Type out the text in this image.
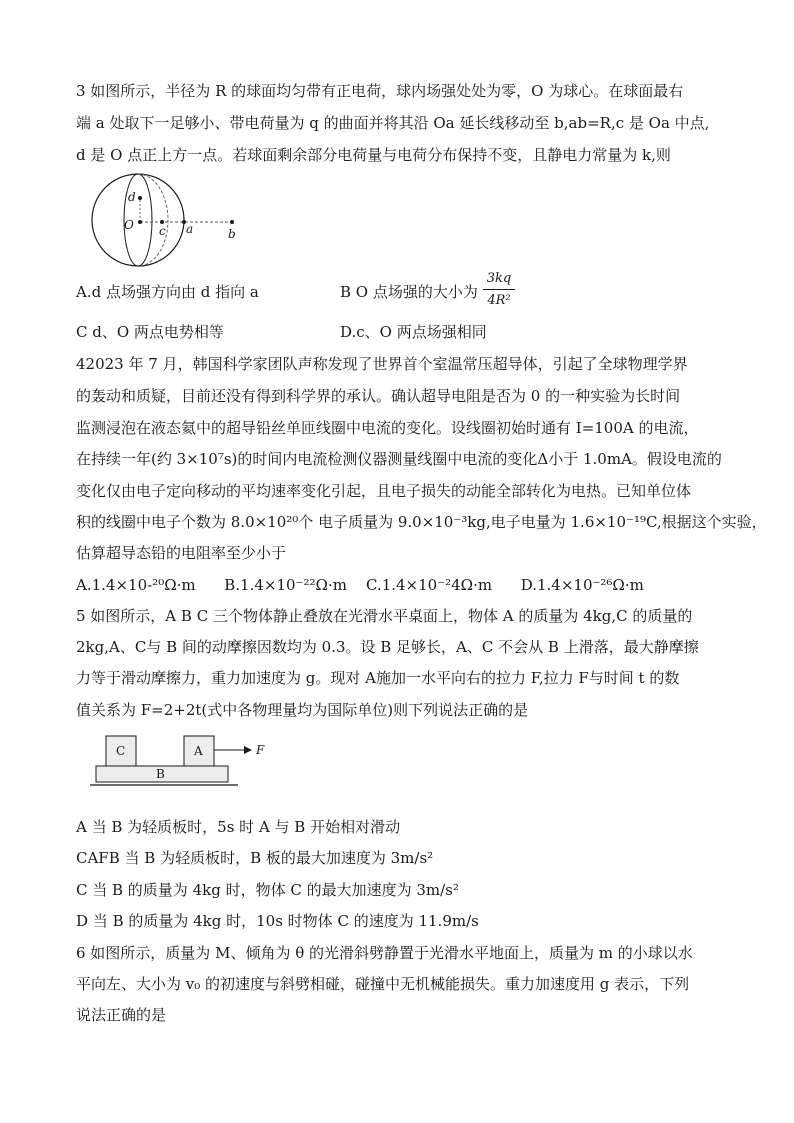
3 如图所示，半径为 R 的球面均匀带有正电荷，球内场强处处为零，O 为球心。在球面最右
端 a 处取下一足够小、带电荷量为 q 的曲面并将其沿 Oa 延长线移动至 b,ab=R,c 是 Oa 中点,
d 是 O 点正上方一点。若球面剩余部分电荷量与电荷分布保持不变，且静电力常量为 k,则
d
O c a	b
A.d 点场强方向由 d 指向 a	B O 点场强的大小为
3kq
4R²
C d、O 两点电势相等	D.c、O 两点场强相同
42023 年 7 月，韩国科学家团队声称发现了世界首个室温常压超导体，引起了全球物理学界
的轰动和质疑，目前还没有得到科学界的承认。确认超导电阻是否为 0 的一种实验为长时间
监测浸泡在液态氦中的超导铅丝单匝线圈中电流的变化。设线圈初始时通有 I=100A 的电流，
在持续一年(约 3×10⁷s)的时间内电流检测仪器测量线圈中电流的变化Δ小于 1.0mA。假设电流的
变化仅由电子定向移动的平均速率变化引起，且电子损失的动能全部转化为电热。已知单位体
积的线圈中电子个数为 8.0×10²⁰个 电子质量为 9.0×10⁻³kg,电子电量为 1.6×10⁻¹⁹C,根据这个实验，
估算超导态铅的电阻率至少小于
A.1.4×10-²⁰Ω·m      B.1.4×10⁻²²Ω·m    C.1.4×10⁻²4Ω·m      D.1.4×10⁻²⁶Ω·m
5 如图所示，A B C 三个物体静止叠放在光滑水平桌面上，物体 A 的质量为 4kg,C 的质量的
2kg,A、C与 B 间的动摩擦因数均为 0.3。设 B 足够长，A、C 不会从 B 上滑落，最大静摩擦
力等于滑动摩擦力，重力加速度为 g。现对 A施加一水平向右的拉力 F,拉力 F与时间 t 的数
值关系为 F=2+2t(式中各物理量均为国际单位)则下列说法正确的是
C	A
B
F
A 当 B 为轻质板时，5s 时 A 与 B 开始相对滑动
CAFB 当 B 为轻质板时，B 板的最大加速度为 3m/s²
C 当 B 的质量为 4kg 时，物体 C 的最大加速度为 3m/s²
D 当 B 的质量为 4kg 时，10s 时物体 C 的速度为 11.9m/s
6 如图所示，质量为 M、倾角为 θ 的光滑斜劈静置于光滑水平地面上，质量为 m 的小球以水
平向左、大小为 v₀ 的初速度与斜劈相碰，碰撞中无机械能损失。重力加速度用 g 表示，下列
说法正确的是
